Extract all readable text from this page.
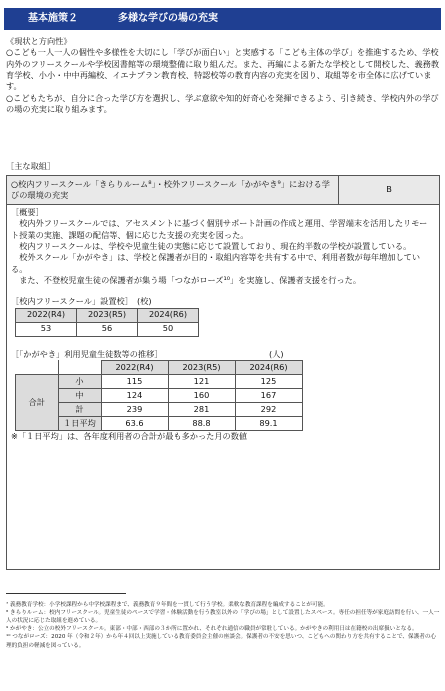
基本施策２	多様な学びの場の充実

《現状と方向性》

○こども一人一人の個性や多様性を大切にし「学びが面白い」と実感する「こども主体の学び」を推進するため、学校内外のフリースクールや学校図書館等の環境整備に取り組んだ。また、再編による新たな学校として開校した、義務教育学校、小小・中中再編校、イエナプラン教育校、特認校等の教育内容の充実を図り、取組等を市全体に広げています。

○こどもたちが、自分に合った学び方を選択し、学ぶ意欲や知的好奇心を発揮できるよう、引き続き、学校内外の学びの場の充実に取り組みます。

［主な取組］
○校内フリースクール「きらりルーム⁸」・校外フリースクール「かがやき⁹」における学びの環境の充実	B

［概要］

　校内外フリースクールでは、アセスメントに基づく個別サポート計画の作成と運用、学習端末を活用したリモート授業の実施、課題の配信等、個に応じた支援の充実を図った。

　校内フリースクールは、学校や児童生徒の実態に応じて設置しており、現在約半数の学校が設置している。

　校外スクール「かがやき」は、学校と保護者が目的・取組内容等を共有する中で、利用者数が毎年増加している。

　また、不登校児童生徒の保護者が集う場「つながローズ¹⁰」を実施し、保護者支援を行った。

［校内フリースクール」設置校］　(校)
2022(R4)	2023(R5)	2024(R6)
53	56	50
［「かがやき」利用児童生徒数等の推移］	(人)
		2022(R4)	2023(R5)	2024(R6)
合計	小	115	121	125
中	124	160	167
計	239	281	292
１日平均	63.6	88.8	89.1
※「１日平均」は、各年度利用者の合計が最も多かった月の数値
⁷ 義務教育学校：小学校課程から中学校課程まで、義務教育９年間を一貫して行う学校。柔軟な教育課程を編成することが可能。
⁸ きらりルーム：校内フリースクール。児童生徒のペースで学習・体験活動を行う教室以外の「学びの場」として設置したスペース。専任の担任等が家庭訪問を行い、一人一人の状況に応じた取組を進めている。
⁹ かがやき：公立の校外フリースクール。東部・中部・西部の３か所に置かれ、それぞれ通信の職員が常駐している。かがやきの利用日は在籍校の出席扱いとなる。
¹⁰ つながローズ：2020 年（令和２年）から年４回以上実施している教育委員会主催の座談会。保護者の不安を思いつ、こどもへの関わり方を共有することで、保護者の心理的負担の軽減を図っている。
